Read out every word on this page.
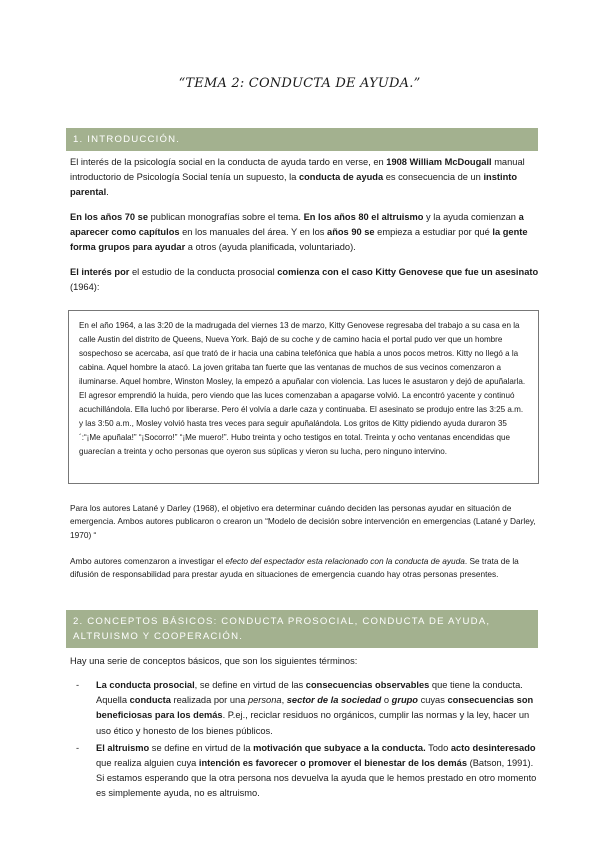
“TEMA 2: CONDUCTA DE AYUDA.”
1. INTRODUCCIÓN.

El interés de la psicología social en la conducta de ayuda tardo en verse, en 1908 William McDougall manual introductorio de Psicología Social tenía un supuesto, la conducta de ayuda es consecuencia de un instinto parental.

En los años 70 se publican monografías sobre el tema. En los años 80 el altruismo y la ayuda comienzan a aparecer como capítulos en los manuales del área. Y en los años 90 se empieza a estudiar por qué la gente forma grupos para ayudar a otros (ayuda planificada, voluntariado).

El interés por el estudio de la conducta prosocial comienza con el caso Kitty Genovese que fue un asesinato (1964):

En el año 1964, a las 3:20 de la madrugada del viernes 13 de marzo, Kitty Genovese regresaba del trabajo a su casa en la calle Austin del distrito de Queens, Nueva York. Bajó de su coche y de camino hacia el portal pudo ver que un hombre sospechoso se acercaba, así que trató de ir hacia una cabina telefónica que había a unos pocos metros. Kitty no llegó a la cabina. Aquel hombre la atacó. La joven gritaba tan fuerte que las ventanas de muchos de sus vecinos comenzaron a iluminarse. Aquel hombre, Winston Mosley, la empezó a apuñalar con violencia. Las luces le asustaron y dejó de apuñalarla. El agresor emprendió la huida, pero viendo que las luces comenzaban a apagarse volvió. La encontró yacente y continuó acuchillándola. Ella luchó por liberarse. Pero él volvía a darle caza y continuaba. El asesinato se produjo entre las 3:25 a.m. y las 3:50 a.m., Mosley volvió hasta tres veces para seguir apuñalándola. Los gritos de Kitty pidiendo ayuda duraron 35´:“¡Me apuñala!” “¡Socorro!” “¡Me muero!”. Hubo treinta y ocho testigos en total. Treinta y ocho ventanas encendidas que guarecían a treinta y ocho personas que oyeron sus súplicas y vieron su lucha, pero ninguno intervino.

Para los autores Latané y Darley (1968), el objetivo era determinar cuándo deciden las personas ayudar en situación de emergencia. Ambos autores publicaron o crearon un “Modelo de decisión sobre intervención en emergencias (Latané y Darley, 1970) “

Ambo autores comenzaron a investigar el efecto del espectador esta relacionado con la conducta de ayuda. Se trata de la difusión de responsabilidad para prestar ayuda en situaciones de emergencia cuando hay otras personas presentes.

2. CONCEPTOS BÁSICOS: CONDUCTA PROSOCIAL, CONDUCTA DE AYUDA, ALTRUISMO Y COOPERACIÓN.

Hay una serie de conceptos básicos, que son los siguientes términos:

- La conducta prosocial, se define en virtud de las consecuencias observables que tiene la conducta. Aquella conducta realizada por una persona, sector de la sociedad o grupo cuyas consecuencias son beneficiosas para los demás. P.ej., reciclar residuos no orgánicos, cumplir las normas y la ley, hacer un uso ético y honesto de los bienes públicos.
- El altruismo se define en virtud de la motivación que subyace a la conducta. Todo acto desinteresado que realiza alguien cuya intención es favorecer o promover el bienestar de los demás (Batson, 1991).
Si estamos esperando que la otra persona nos devuelva la ayuda que le hemos prestado en otro momento es simplemente ayuda, no es altruismo.
